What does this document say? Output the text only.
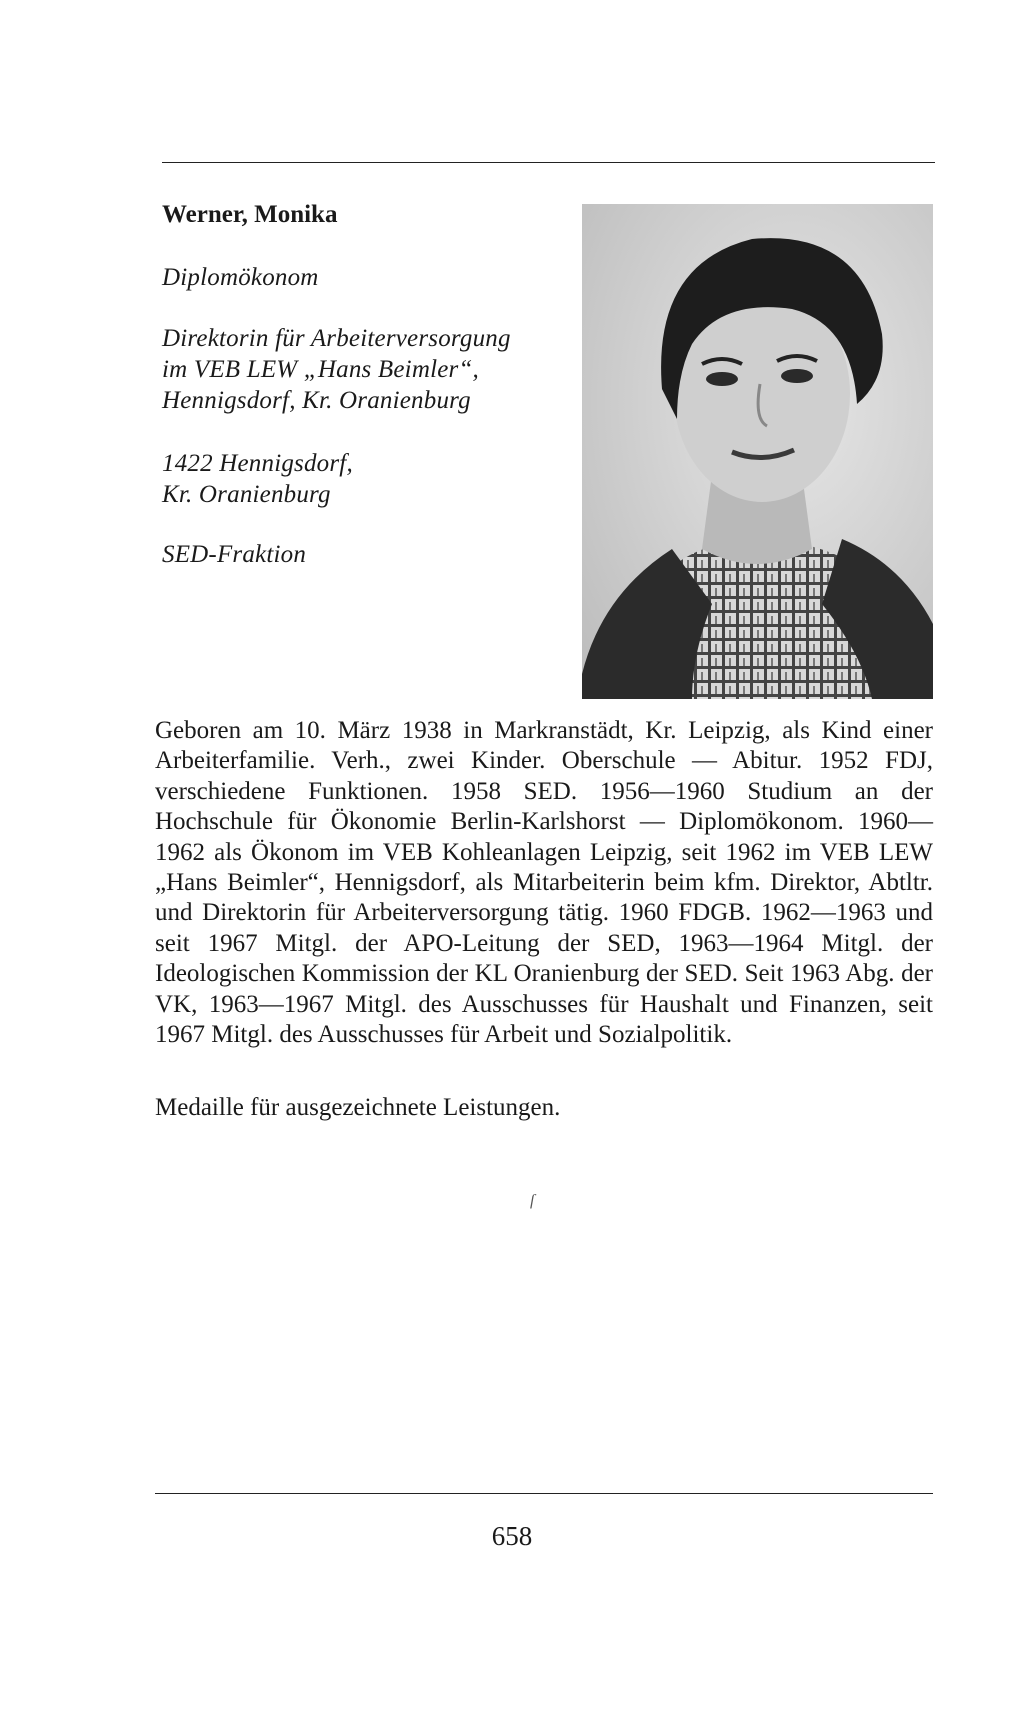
Werner, Monika
Diplomökonom
Direktorin für Arbeiterversorgung
im VEB LEW „Hans Beimler“,
Hennigsdorf, Kr. Oranienburg
1422 Hennigsdorf,
Kr. Oranienburg
SED-Fraktion

Geboren am 10. März 1938 in Markranstädt, Kr. Leipzig, als Kind einer Arbeiterfamilie. Verh., zwei Kinder. Oberschule — Abitur. 1952 FDJ, verschiedene Funktionen. 1958 SED. 1956—1960 Studium an der Hochschule für Ökonomie Berlin-Karlshorst — Diplomökonom. 1960—1962 als Ökonom im VEB Kohleanlagen Leipzig, seit 1962 im VEB LEW „Hans Beimler“, Hennigsdorf, als Mitarbeiterin beim kfm. Direktor, Abtltr. und Direktorin für Arbeiterversorgung tätig. 1960 FDGB. 1962—1963 und seit 1967 Mitgl. der APO-Leitung der SED, 1963—1964 Mitgl. der Ideologischen Kommission der KL Oranienburg der SED. Seit 1963 Abg. der VK, 1963—1967 Mitgl. des Ausschusses für Haushalt und Finanzen, seit 1967 Mitgl. des Ausschusses für Arbeit und Sozialpolitik.

Medaille für ausgezeichnete Leistungen.
ſ
658
